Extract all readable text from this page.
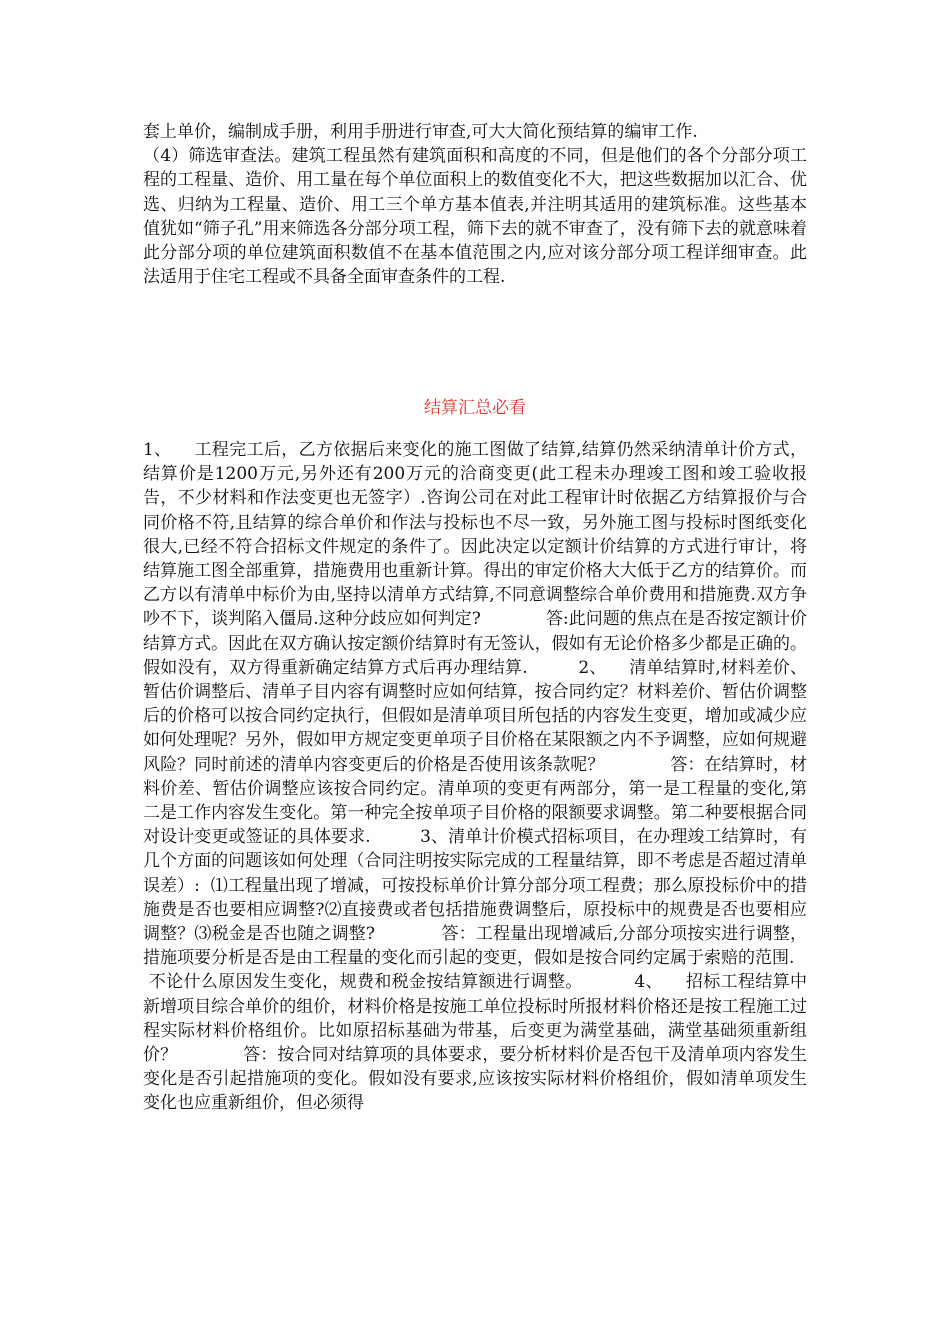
套上单价，编制成手册，利用手册进行审查,可大大简化预结算的编审工作.
（4）筛选审查法。建筑工程虽然有建筑面积和高度的不同，但是他们的各个分部分项工程的工程量、造价、用工量在每个单位面积上的数值变化不大，把这些数据加以汇合、优选、归纳为工程量、造价、用工三个单方基本值表,并注明其适用的建筑标准。这些基本值犹如“筛子孔”用来筛选各分部分项工程，筛下去的就不审查了，没有筛下去的就意味着此分部分项的单位建筑面积数值不在基本值范围之内,应对该分部分项工程详细审查。此法适用于住宅工程或不具备全面审查条件的工程.
结算汇总必看
1、    工程完工后，乙方依据后来变化的施工图做了结算,结算仍然采纳清单计价方式，结算价是1200万元,另外还有200万元的洽商变更(此工程未办理竣工图和竣工验收报告，不少材料和作法变更也无签字）.咨询公司在对此工程审计时依据乙方结算报价与合同价格不符,且结算的综合单价和作法与投标也不尽一致，另外施工图与投标时图纸变化很大,已经不符合招标文件规定的条件了。因此决定以定额计价结算的方式进行审计，将结算施工图全部重算，措施费用也重新计算。得出的审定价格大大低于乙方的结算价。而乙方以有清单中标价为由,坚持以清单方式结算,不同意调整综合单价费用和措施费.双方争吵不下，谈判陷入僵局.这种分歧应如何判定?            答:此问题的焦点在是否按定额计价结算方式。因此在双方确认按定额价结算时有无签认，假如有无论价格多少都是正确的。假如没有，双方得重新确定结算方式后再办理结算.         2、    清单结算时,材料差价、暂估价调整后、清单子目内容有调整时应如何结算，按合同约定？材料差价、暂估价调整后的价格可以按合同约定执行，但假如是清单项目所包括的内容发生变更，增加或减少应如何处理呢？另外，假如甲方规定变更单项子目价格在某限额之内不予调整，应如何规避风险？同时前述的清单内容变更后的价格是否使用该条款呢？            答：在结算时，材料价差、暂估价调整应该按合同约定。清单项的变更有两部分，第一是工程量的变化,第二是工作内容发生变化。第一种完全按单项子目价格的限额要求调整。第二种要根据合同对设计变更或签证的具体要求.         3、清单计价模式招标项目，在办理竣工结算时，有几个方面的问题该如何处理（合同注明按实际完成的工程量结算，即不考虑是否超过清单误差）:  ⑴工程量出现了增减，可按投标单价计算分部分项工程费；那么原投标价中的措施费是否也要相应调整?⑵直接费或者包括措施费调整后，原投标中的规费是否也要相应调整？⑶税金是否也随之调整?            答：工程量出现增减后,分部分项按实进行调整，措施项要分析是否是由工程量的变化而引起的变更，假如是按合同约定属于索赔的范围.
不论什么原因发生变化，规费和税金按结算额进行调整。         4、    招标工程结算中新增项目综合单价的组价，材料价格是按施工单位投标时所报材料价格还是按工程施工过程实际材料价格组价。比如原招标基础为带基，后变更为满堂基础，满堂基础须重新组价？            答：按合同对结算项的具体要求，要分析材料价是否包干及清单项内容发生变化是否引起措施项的变化。假如没有要求,应该按实际材料价格组价，假如清单项发生变化也应重新组价，但必须得
